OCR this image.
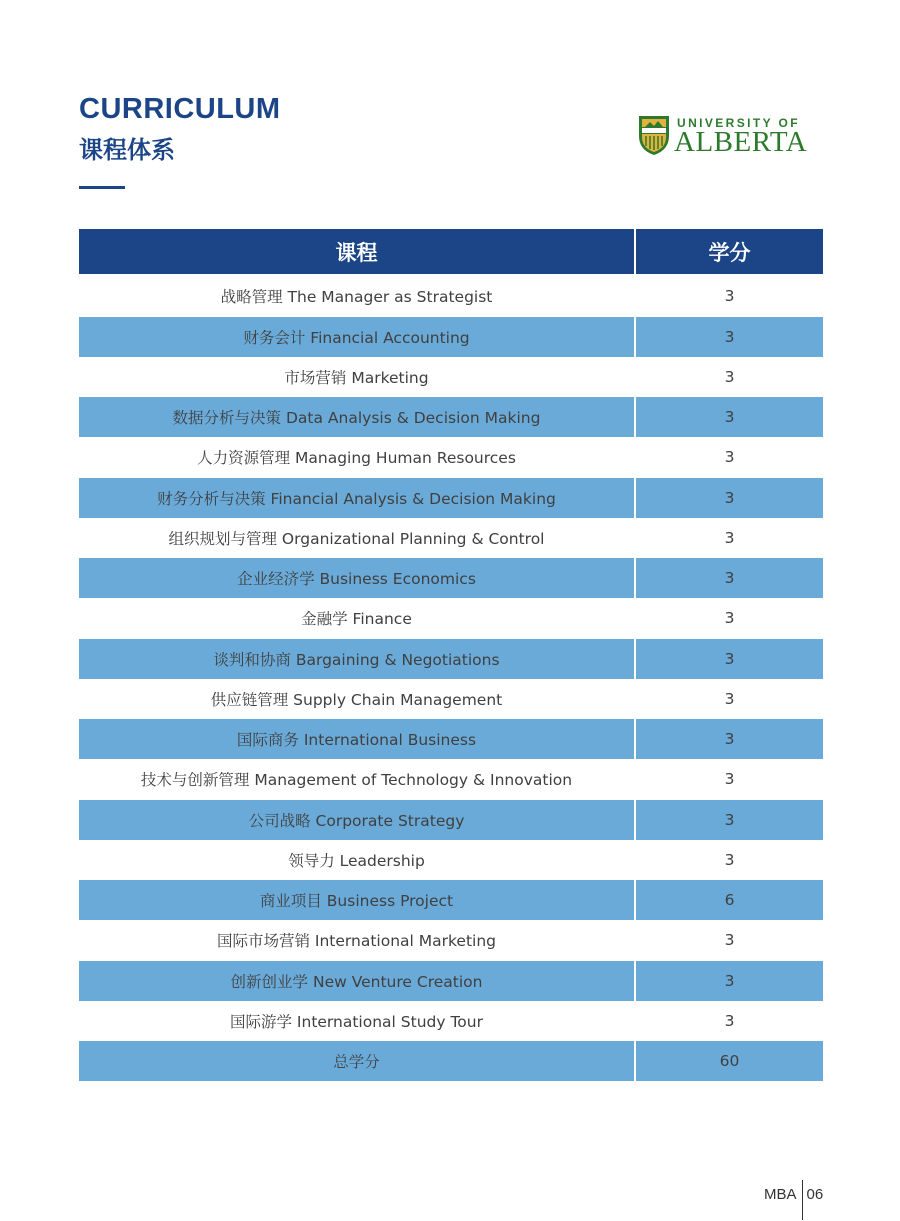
CURRICULUM
课程体系
UNIVERSITY OF
ALBERTA
课程	学分
战略管理 The Manager as Strategist	3
财务会计 Financial Accounting	3
市场营销 Marketing	3
数据分析与决策 Data Analysis & Decision Making	3
人力资源管理 Managing Human Resources	3
财务分析与决策 Financial Analysis & Decision Making	3
组织规划与管理 Organizational Planning & Control	3
企业经济学 Business Economics	3
金融学 Finance	3
谈判和协商 Bargaining & Negotiations	3
供应链管理 Supply Chain Management	3
国际商务 International Business	3
技术与创新管理 Management of Technology & Innovation	3
公司战略 Corporate Strategy	3
领导力 Leadership	3
商业项目 Business Project	6
国际市场营销 International Marketing	3
创新创业学 New Venture Creation	3
国际游学 International Study Tour	3
总学分	60
MBA 06
